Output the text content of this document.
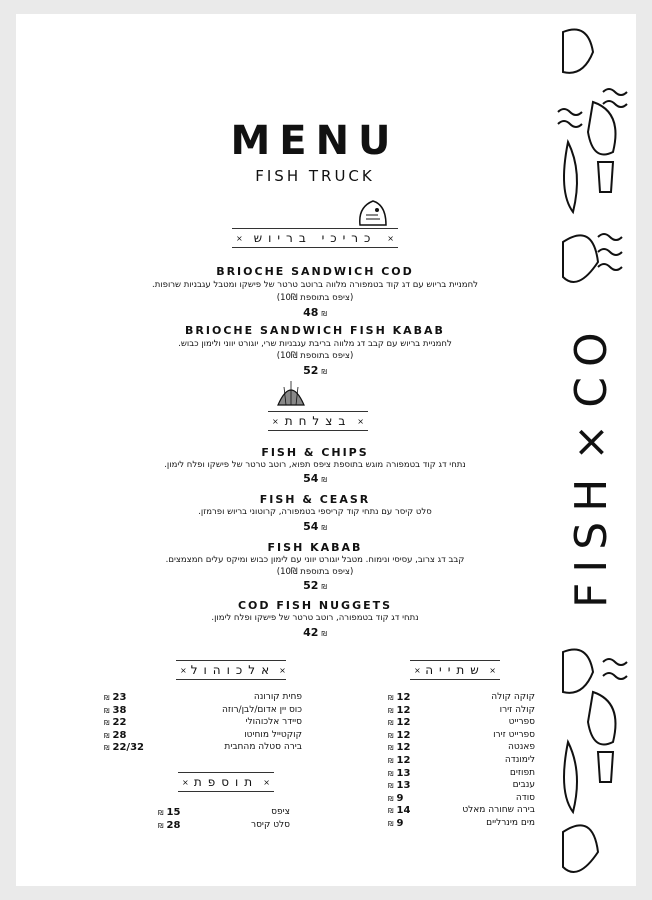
MENU
FISH TRUCK
× כריכי בריוש	×
BRIOCHE SANDWICH COD
לחמניית בריוש עם דג קוד בטמפורה מלווה ברוטב טרטר של פישקו ומטבל עגבניות שרופות.
(ציפס בתוספת 10₪)
48 ₪
BRIOCHE SANDWICH FISH KABAB
לחמניית בריוש עם קבב דג מלווה בריבת עגבניות שרי, יוגורט יווני ולימון כבוש.
(ציפס בתוספת 10₪)
52 ₪
× בצלחת ×
FISH & CHIPS
נתחי דג קוד בטמפורה מוגש בתוספת ציפס תפוא, רוטב טרטר של פישקו ופלח לימון.
54 ₪
FISH & CEASR
סלט קיסר עם נתחי קוד קריספי בטמפורה, קרוטוני בריוש ופרמזן.
54 ₪
FISH KABAB
קבב דג צרוב, עסיסי ונימוח. מטבל יוגורט יווני עם לימון כבוש ומיקס עלים חמצמצים.
(ציפס בתוספת 10₪)
52 ₪
COD FISH NUGGETS
נתחי דג קוד בטמפורה, רוטב טרטר של פישקו ופלח לימון.
42 ₪
× אלכוהול ×	× שתייה ×
₪ 23	פחית קורונה
₪ 38	כוס יין אדום/לבן/רוזה
₪ 22	סיידר אלכוהולי
₪ 28	קוקטייל מוחיטו
₪ 22/32	בירה סטלה מהחבית
× תוספת ×
₪ 15	ציפס
₪ 28	סלט קיסר
₪ 12	קוקה קולה
₪ 12	קולה זירו
₪ 12	ספרייט
₪ 12	ספרייט זירו
₪ 12	פאנטה
₪ 12	לימונדה
₪ 13	תפוזים
₪ 13	ענבים
₪ 9	סודה
₪ 14	בירה שחורה מאלט
₪ 9	מים מינרליים
FISH×CO
